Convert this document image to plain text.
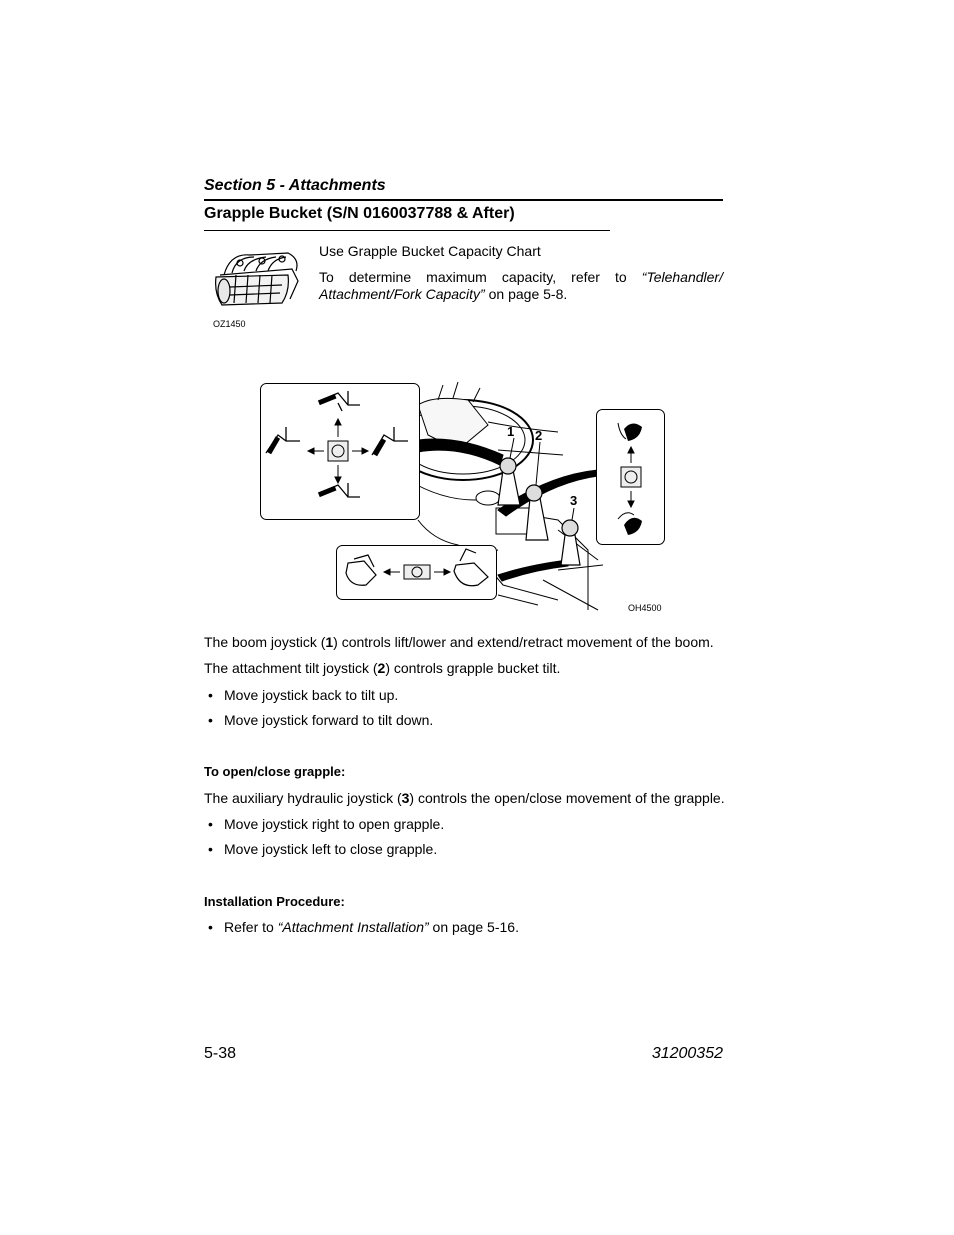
Section 5 - Attachments
Grapple Bucket (S/N 0160037788 & After)
OZ1450
Use Grapple Bucket Capacity Chart
To determine maximum capacity, refer to “Telehandler/
Attachment/Fork Capacity” on page 5-8.
1 2
3
OH4500
The boom joystick (1) controls lift/lower and extend/retract movement of the boom.
The attachment tilt joystick (2) controls grapple bucket tilt.
• Move joystick back to tilt up.
• Move joystick forward to tilt down.
To open/close grapple:
The auxiliary hydraulic joystick (3) controls the open/close movement of the grapple.
• Move joystick right to open grapple.
• Move joystick left to close grapple.
Installation Procedure:
• Refer to “Attachment Installation” on page 5-16.
5-38	31200352
